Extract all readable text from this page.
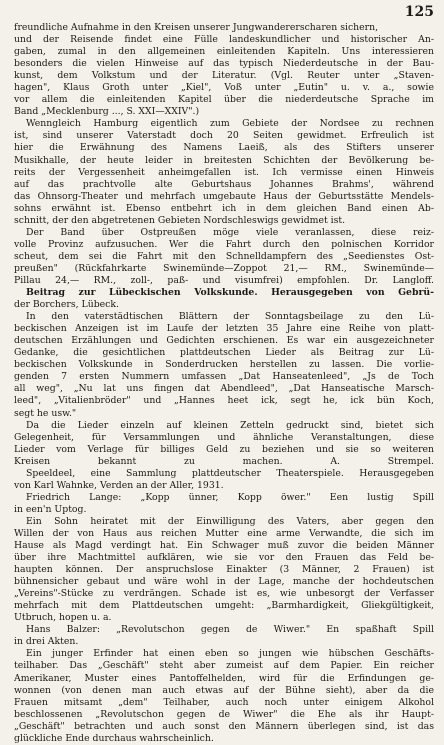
125
freundliche Aufnahme in den Kreisen unserer Jungwandererscharen sichern,
und der Reisende findet eine Fülle landeskundlicher und historischer An-
gaben, zumal in den allgemeinen einleitenden Kapiteln. Uns interessieren
besonders die vielen Hinweise auf das typisch Niederdeutsche in der Bau-
kunst, dem Volkstum und der Literatur. (Vgl. Reuter unter „Staven-
hagen", Klaus Groth unter „Kiel", Voß unter „Eutin" u. v. a., sowie
vor allem die einleitenden Kapitel über die niederdeutsche Sprache im
Band „Mecklenburg ..., S. XXI—XXIV".)
Wenngleich Hamburg eigentlich zum Gebiete der Nordsee zu rechnen
ist, sind unserer Vaterstadt doch 20 Seiten gewidmet. Erfreulich ist
hier die Erwähnung des Namens Laeiß, als des Stifters unserer
Musikhalle, der heute leider in breitesten Schichten der Bevölkerung be-
reits der Vergessenheit anheimgefallen ist. Ich vermisse einen Hinweis
auf das prachtvolle alte Geburtshaus Johannes Brahms', während
das Ohnsorg-Theater und mehrfach umgebaute Haus der Geburtsstätte Mendels-
sohns erwähnt ist. Ebenso entbehrt ich in dem gleichen Band einen Ab-
schnitt, der den abgetretenen Gebieten Nordschleswigs gewidmet ist.
Der Band über Ostpreußen möge viele veranlassen, diese reiz-
volle Provinz aufzusuchen. Wer die Fahrt durch den polnischen Korridor
scheut, dem sei die Fahrt mit den Schnelldampfern des „Seedienstes Ost-
preußen" (Rückfahrkarte Swinemünde—Zoppot 21,— RM., Swinemünde—
Pillau 24,— RM., zoll-, paß- und visumfrei) empfohlen. Dr. Langloff.
Beitrag zur Lübeckischen Volkskunde. Herausgegeben von Gebrü-
der Borchers, Lübeck.
In den vaterstädtischen Blättern der Sonntagsbeilage zu den Lü-
beckischen Anzeigen ist im Laufe der letzten 35 Jahre eine Reihe von platt-
deutschen Erzählungen und Gedichten erschienen. Es war ein ausgezeichneter
Gedanke, die gesichtlichen plattdeutschen Lieder als Beitrag zur Lü-
beckischen Volkskunde in Sonderdrucken herstellen zu lassen. Die vorlie-
genden 7 ersten Nummern umfassen „Dat Hanseatenleed", „Js de Toch
all weg", „Nu lat uns fingen dat Abendleed", „Dat Hanseatische Marsch-
leed", „Vitalienbröder" und „Hannes heet ick, segt he, ick bün Koch,
segt he usw."
Da die Lieder einzeln auf kleinen Zetteln gedruckt sind, bietet sich
Gelegenheit, für Versammlungen und ähnliche Veranstaltungen, diese
Lieder vom Verlage für billiges Geld zu beziehen und sie so weiteren
Kreisen bekannt zu machen. A. Strempel.
Speeldeel, eine Sammlung plattdeutscher Theaterspiele. Herausgegeben
von Karl Wahnke, Verden an der Aller, 1931.
Friedrich Lange: „Kopp ünner, Kopp öwer." Een lustig Spill
in een'n Uptog.
Ein Sohn heiratet mit der Einwilligung des Vaters, aber gegen den
Willen der von Haus aus reichen Mutter eine arme Verwandte, die sich im
Hause als Magd verdingt hat. Ein Schwager muß zuvor die beiden Männer
über ihre Machtmittel aufklären, wie sie vor den Frauen das Feld be-
haupten können. Der anspruchslose Einakter (3 Männer, 2 Frauen) ist
bühnensicher gebaut und wäre wohl in der Lage, manche der hochdeutschen
„Vereins"-Stücke zu verdrängen. Schade ist es, wie unbesorgt der Verfasser
mehrfach mit dem Plattdeutschen umgeht: „Barmhardigkeit, Gliekgültigkeit,
Utbruch, hopen u. a.
Hans Balzer: „Revolutschon gegen de Wiwer." En spaßhaft Spill
in drei Akten.
Ein junger Erfinder hat einen eben so jungen wie hübschen Geschäfts-
teilhaber. Das „Geschäft" steht aber zumeist auf dem Papier. Ein reicher
Amerikaner, Muster eines Pantoffelhelden, wird für die Erfindungen ge-
wonnen (von denen man auch etwas auf der Bühne sieht), aber da die
Frauen mitsamt „dem" Teilhaber, auch noch unter einigem Alkohol
beschlossenen „Revolutschon gegen de Wiwer" die Ehe als ihr Haupt-
„Geschäft" betrachten und auch sonst den Männern überlegen sind, ist das
glückliche Ende durchaus wahrscheinlich.
